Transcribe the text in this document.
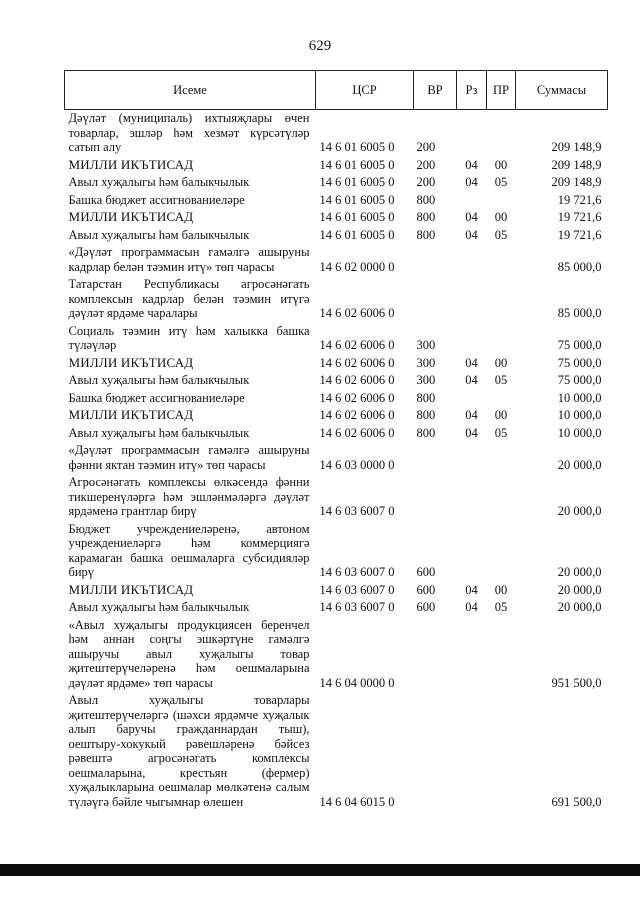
629
Исеме	ЦСР	ВР	Рз	ПР	Суммасы
Дәүләт (муниципаль) ихтыяҗлары өчен товарлар, эшләр һәм хезмәт күрсәтүләр сатып алу	14 6 01 6005 0	200			209 148,9
МИЛЛИ ИКЪТИСАД	14 6 01 6005 0	200	04	00	209 148,9
Авыл хуҗалыгы һәм балыкчылык	14 6 01 6005 0	200	04	05	209 148,9
Башка бюджет ассигнованиеләре	14 6 01 6005 0	800			19 721,6
МИЛЛИ ИКЪТИСАД	14 6 01 6005 0	800	04	00	19 721,6
Авыл хуҗалыгы һәм балыкчылык	14 6 01 6005 0	800	04	05	19 721,6
«Дәүләт программасын гамәлгә ашыруны кадрлар белән тәэмин итү» төп чарасы	14 6 02 0000 0				85 000,0
Татарстан Республикасы агросәнәгать комплексын кадрлар белән тәэмин итүгә дәүләт ярдәме чаралары	14 6 02 6006 0				85 000,0
Социаль тәэмин итү һәм халыкка башка түләүләр	14 6 02 6006 0	300			75 000,0
МИЛЛИ ИКЪТИСАД	14 6 02 6006 0	300	04	00	75 000,0
Авыл хуҗалыгы һәм балыкчылык	14 6 02 6006 0	300	04	05	75 000,0
Башка бюджет ассигнованиеләре	14 6 02 6006 0	800			10 000,0
МИЛЛИ ИКЪТИСАД	14 6 02 6006 0	800	04	00	10 000,0
Авыл хуҗалыгы һәм балыкчылык	14 6 02 6006 0	800	04	05	10 000,0
«Дәүләт программасын гамәлгә ашыруны фәнни яктан тәэмин итү» төп чарасы	14 6 03 0000 0				20 000,0
Агросәнәгать комплексы өлкәсендә фәнни тикшеренүләргә һәм эшләнмәләргә дәүләт ярдәменә грантлар бирү	14 6 03 6007 0				20 000,0
Бюджет учреждениеләренә, автоном учреждениеләргә һәм коммерциягә карамаган башка оешмаларга субсидияләр бирү	14 6 03 6007 0	600			20 000,0
МИЛЛИ ИКЪТИСАД	14 6 03 6007 0	600	04	00	20 000,0
Авыл хуҗалыгы һәм балыкчылык	14 6 03 6007 0	600	04	05	20 000,0
«Авыл хуҗалыгы продукциясен беренчел һәм аннан соңгы эшкәртүне гамәлгә ашыручы авыл хуҗалыгы товар җитештерүчеләренә һәм оешмаларына дәүләт ярдәме» төп чарасы	14 6 04 0000 0				951 500,0
Авыл хуҗалыгы товарлары җитештерүчеләргә (шәхси ярдәмче хуҗалык алып баручы гражданнардан тыш), оештыру-хокукый рәвешләренә бәйсез рәвештә агросәнәгать комплексы оешмаларына, крестьян (фермер) хуҗалыкларына оешмалар мөлкәтенә салым түләүгә бәйле чыгымнар өлешен	14 6 04 6015 0				691 500,0
